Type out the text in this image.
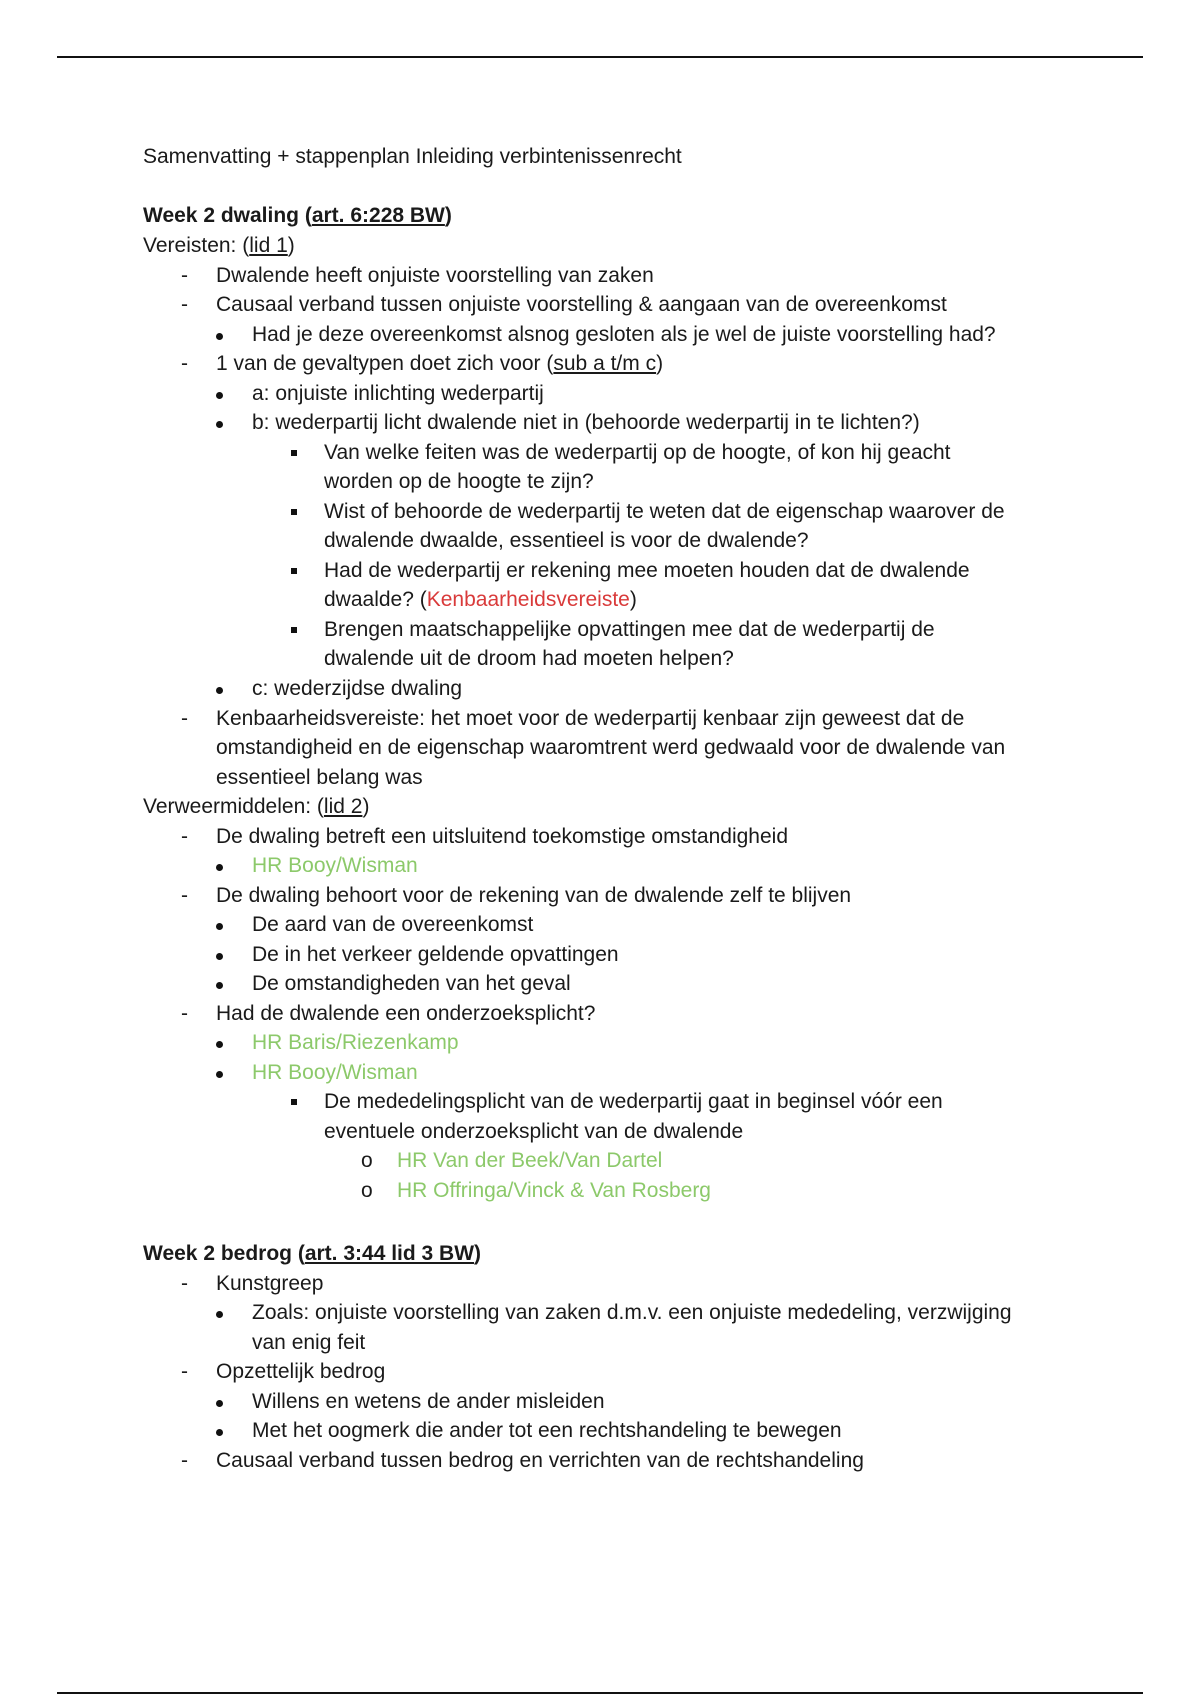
Samenvatting + stappenplan Inleiding verbintenissenrecht
Week 2 dwaling (art. 6:228 BW)
Vereisten: (lid 1)
- Dwalende heeft onjuiste voorstelling van zaken
- Causaal verband tussen onjuiste voorstelling & aangaan van de overeenkomst
Had je deze overeenkomst alsnog gesloten als je wel de juiste voorstelling had?
- 1 van de gevaltypen doet zich voor (sub a t/m c)
a: onjuiste inlichting wederpartij
b: wederpartij licht dwalende niet in (behoorde wederpartij in te lichten?)
Van welke feiten was de wederpartij op de hoogte, of kon hij geacht
worden op de hoogte te zijn?
Wist of behoorde de wederpartij te weten dat de eigenschap waarover de
dwalende dwaalde, essentieel is voor de dwalende?
Had de wederpartij er rekening mee moeten houden dat de dwalende
dwaalde? (Kenbaarheidsvereiste)
Brengen maatschappelijke opvattingen mee dat de wederpartij de
dwalende uit de droom had moeten helpen?
c: wederzijdse dwaling
- Kenbaarheidsvereiste: het moet voor de wederpartij kenbaar zijn geweest dat de
omstandigheid en de eigenschap waaromtrent werd gedwaald voor de dwalende van
essentieel belang was
Verweermiddelen: (lid 2)
- De dwaling betreft een uitsluitend toekomstige omstandigheid
HR Booy/Wisman
- De dwaling behoort voor de rekening van de dwalende zelf te blijven
De aard van de overeenkomst
De in het verkeer geldende opvattingen
De omstandigheden van het geval
- Had de dwalende een onderzoeksplicht?
HR Baris/Riezenkamp
HR Booy/Wisman
De mededelingsplicht van de wederpartij gaat in beginsel vóór een
eventuele onderzoeksplicht van de dwalende
o HR Van der Beek/Van Dartel
o HR Offringa/Vinck & Van Rosberg
Week 2 bedrog (art. 3:44 lid 3 BW)
- Kunstgreep
Zoals: onjuiste voorstelling van zaken d.m.v. een onjuiste mededeling, verzwijging
van enig feit
- Opzettelijk bedrog
Willens en wetens de ander misleiden
Met het oogmerk die ander tot een rechtshandeling te bewegen
- Causaal verband tussen bedrog en verrichten van de rechtshandeling
